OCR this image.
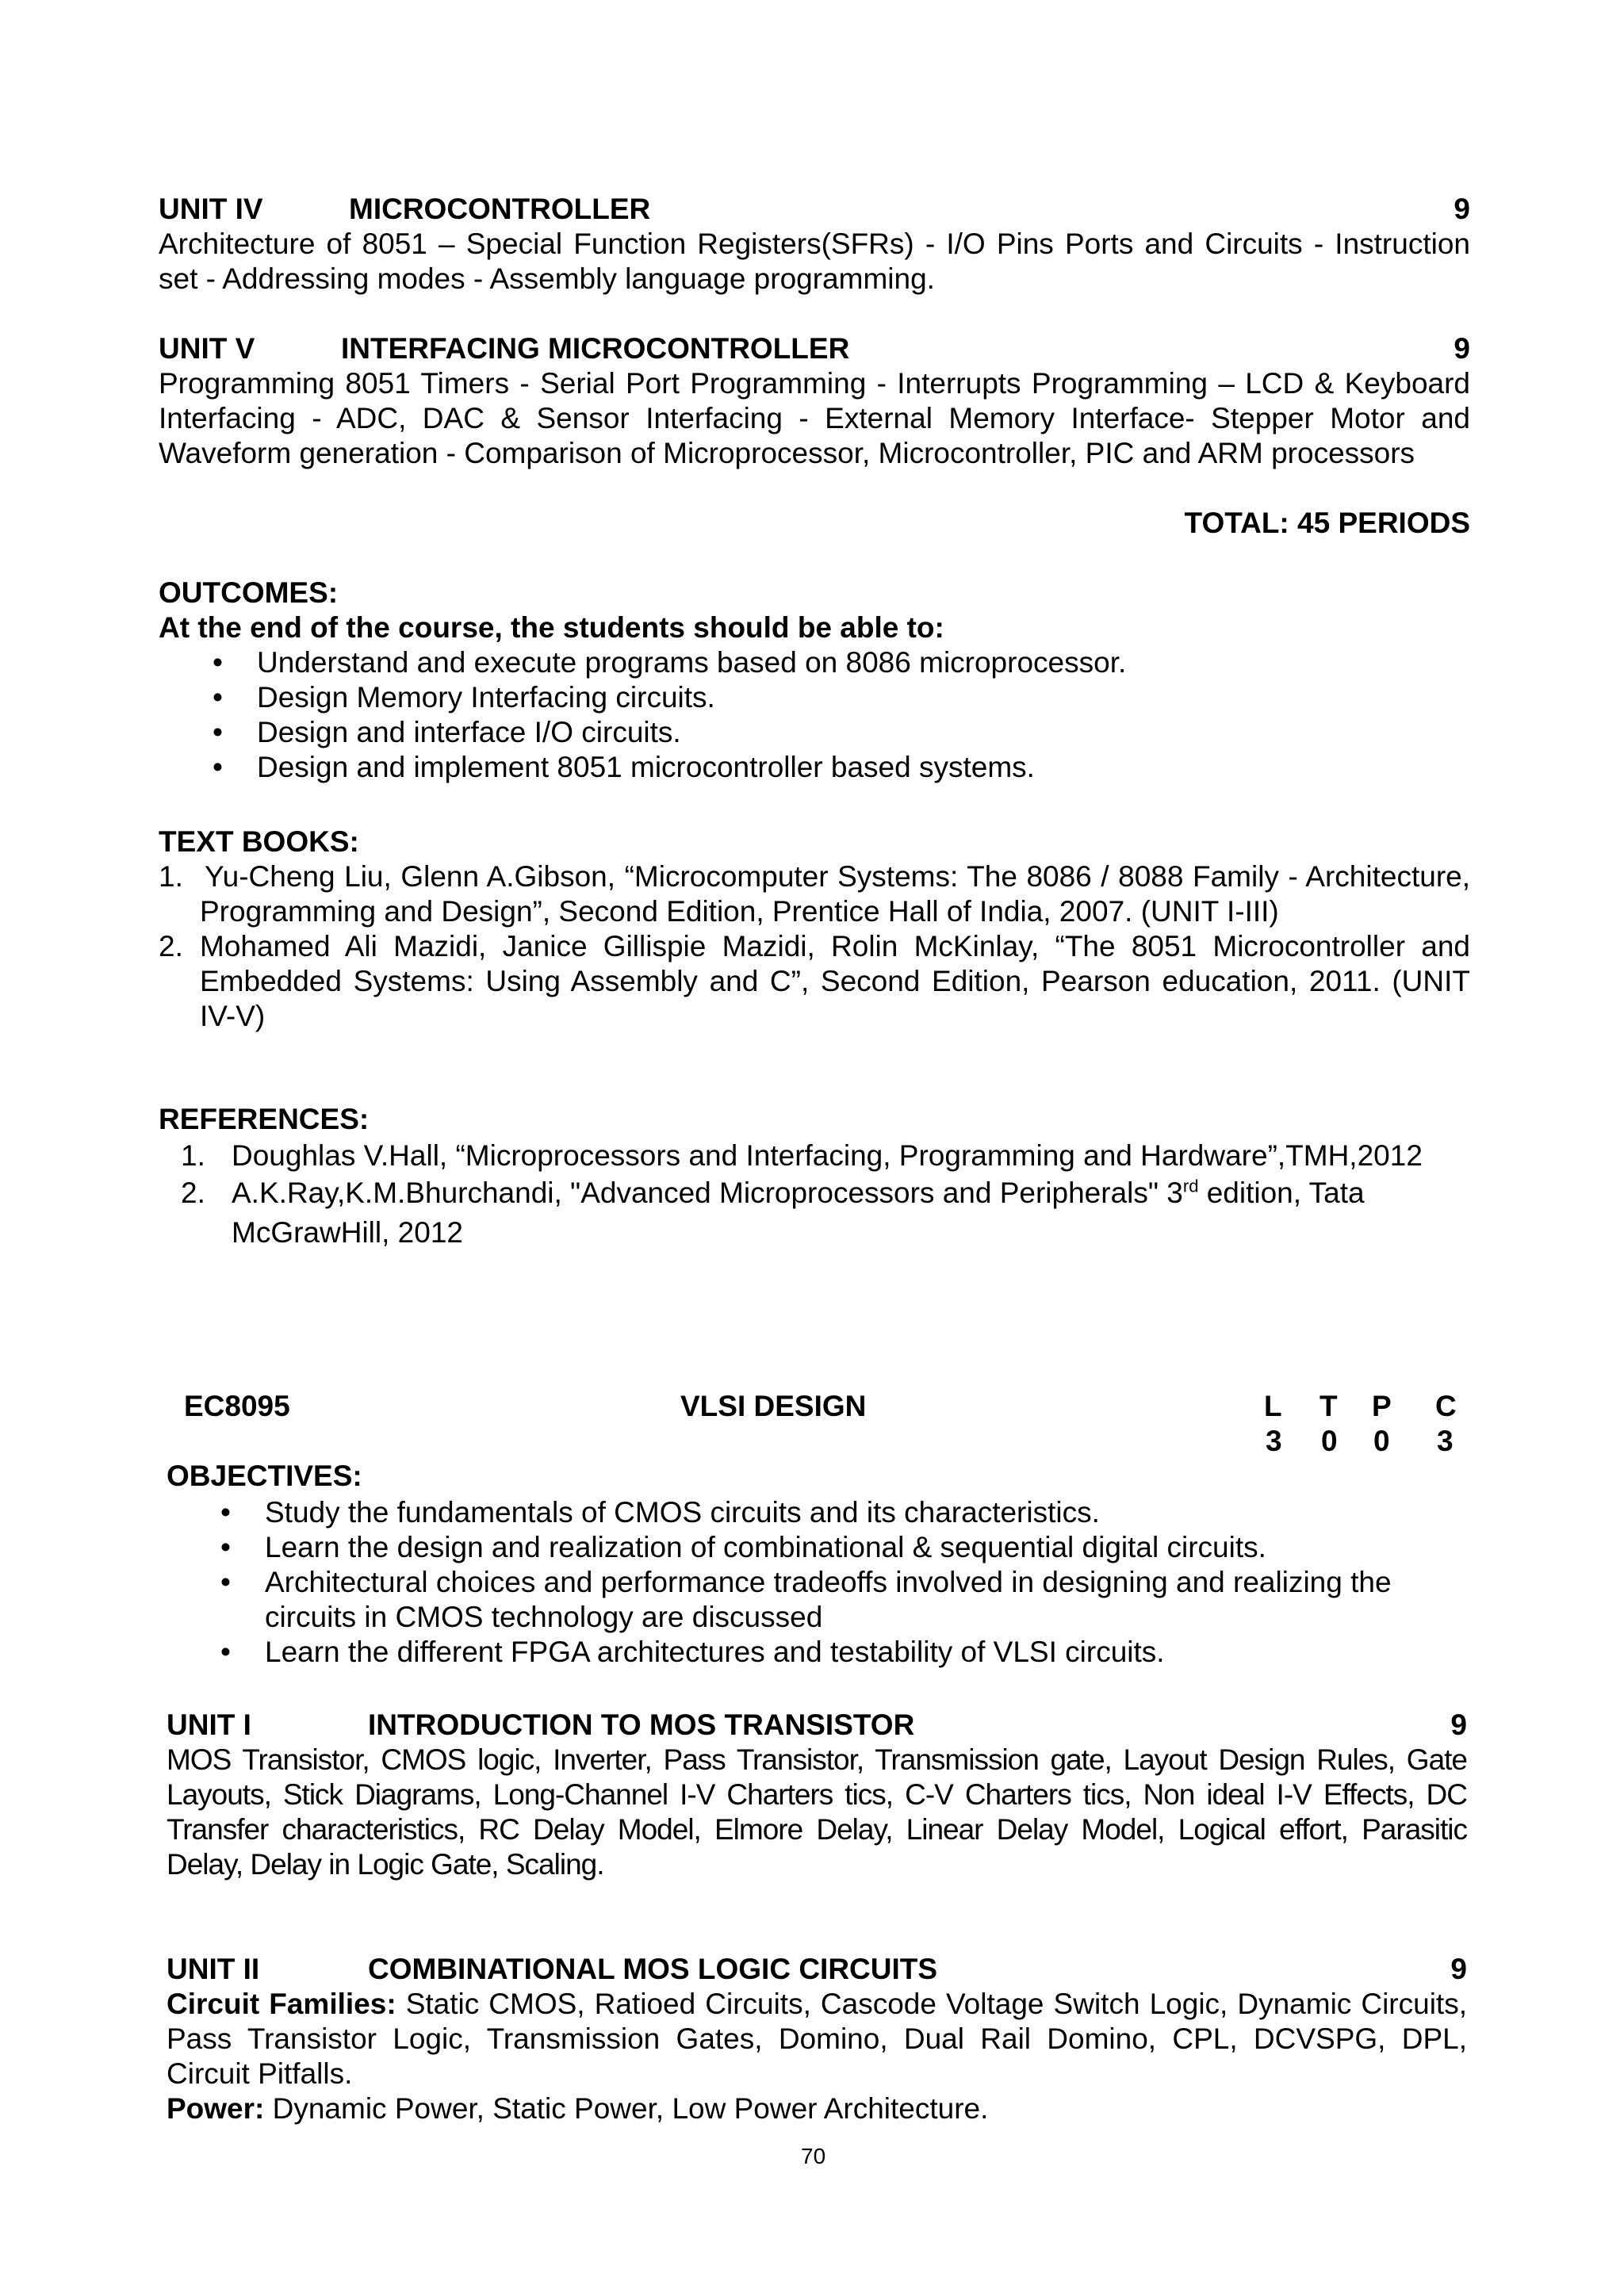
UNIT IV	MICROCONTROLLER	9
Architecture of 8051 – Special Function Registers(SFRs) - I/O Pins Ports and Circuits - Instruction set - Addressing modes - Assembly language programming.
UNIT V	INTERFACING MICROCONTROLLER	9
Programming 8051 Timers - Serial Port Programming - Interrupts Programming – LCD & Keyboard Interfacing - ADC, DAC & Sensor Interfacing - External Memory Interface- Stepper Motor and Waveform generation - Comparison of Microprocessor, Microcontroller, PIC and ARM processors
TOTAL: 45 PERIODS
OUTCOMES:
At the end of the course, the students should be able to:
• Understand and execute programs based on 8086 microprocessor.
• Design Memory Interfacing circuits.
• Design and interface I/O circuits.
• Design and implement 8051 microcontroller based systems.
TEXT BOOKS:
1. Yu-Cheng Liu, Glenn A.Gibson, “Microcomputer Systems: The 8086 / 8088 Family - Architecture, Programming and Design”, Second Edition, Prentice Hall of India, 2007. (UNIT I-III)
2. Mohamed Ali Mazidi, Janice Gillispie Mazidi, Rolin McKinlay, “The 8051 Microcontroller and Embedded Systems: Using Assembly and C”, Second Edition, Pearson education, 2011. (UNIT IV-V)
REFERENCES:
1. Doughlas V.Hall, “Microprocessors and Interfacing, Programming and Hardware”,TMH,2012
2. A.K.Ray,K.M.Bhurchandi, "Advanced Microprocessors and Peripherals" 3rd edition, Tata McGrawHill, 2012
EC8095	VLSI DESIGN	L T P C
3 0 0 3
OBJECTIVES:
• Study the fundamentals of CMOS circuits and its characteristics.
• Learn the design and realization of combinational & sequential digital circuits.
• Architectural choices and performance tradeoffs involved in designing and realizing the circuits in CMOS technology are discussed
• Learn the different FPGA architectures and testability of VLSI circuits.
UNIT I	INTRODUCTION TO MOS TRANSISTOR	9
MOS Transistor, CMOS logic, Inverter, Pass Transistor, Transmission gate, Layout Design Rules, Gate Layouts, Stick Diagrams, Long-Channel I-V Charters tics, C-V Charters tics, Non ideal I-V Effects, DC Transfer characteristics, RC Delay Model, Elmore Delay, Linear Delay Model, Logical effort, Parasitic Delay, Delay in Logic Gate, Scaling.
UNIT II	COMBINATIONAL MOS LOGIC CIRCUITS	9
Circuit Families: Static CMOS, Ratioed Circuits, Cascode Voltage Switch Logic, Dynamic Circuits, Pass Transistor Logic, Transmission Gates, Domino, Dual Rail Domino, CPL, DCVSPG, DPL, Circuit Pitfalls.
Power: Dynamic Power, Static Power, Low Power Architecture.
70
